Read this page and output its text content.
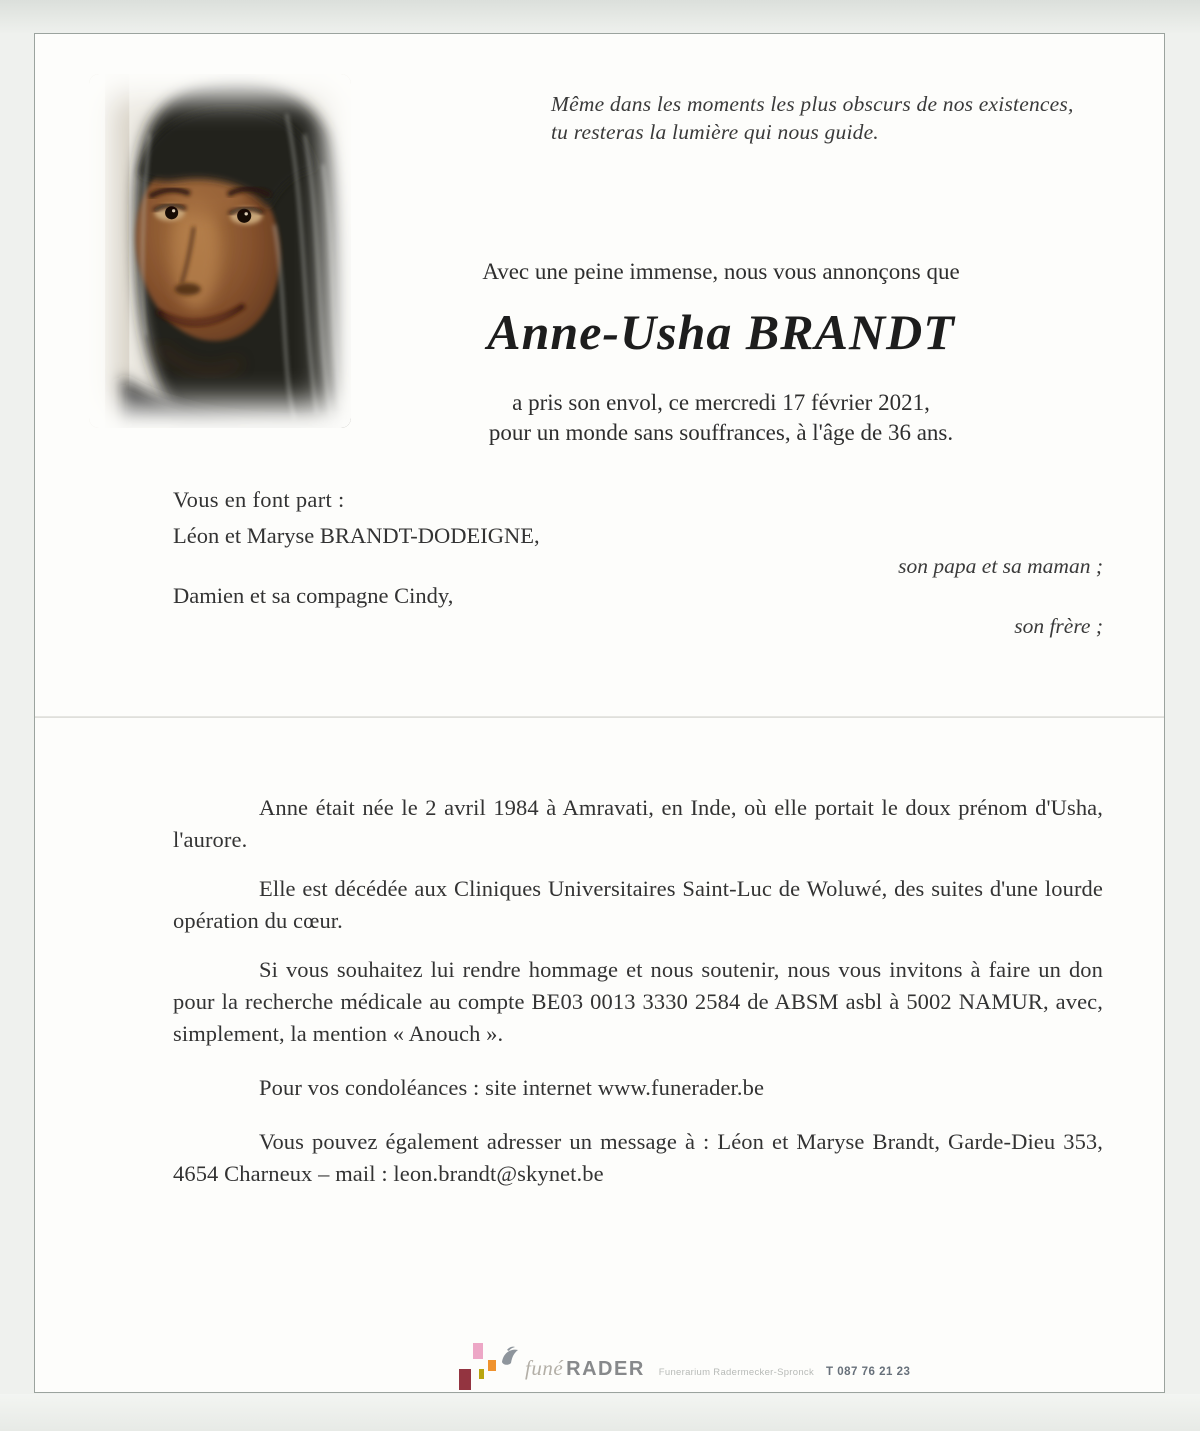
Même dans les moments les plus obscurs de nos existences,
tu resteras la lumière qui nous guide.
Avec une peine immense, nous vous annonçons que
Anne-Usha BRANDT
a pris son envol, ce mercredi 17 février 2021,
pour un monde sans souffrances, à l'âge de 36 ans.
Vous en font part :
Léon et Maryse BRANDT-DODEIGNE,
son papa et sa maman ;
Damien et sa compagne Cindy,
son frère ;

Anne était née le 2 avril 1984 à Amravati, en Inde, où elle portait le doux prénom d'Usha, l'aurore.

Elle est décédée aux Cliniques Universitaires Saint-Luc de Woluwé, des suites d'une lourde opération du cœur.

Si vous souhaitez lui rendre hommage et nous soutenir, nous vous invitons à faire un don pour la recherche médicale au compte BE03 0013 3330 2584 de ABSM asbl à 5002 NAMUR, avec, simplement, la mention « Anouch ».

Pour vos condoléances : site internet www.funerader.be

Vous pouvez également adresser un message à : Léon et Maryse Brandt, Garde-Dieu 353, 4654 Charneux – mail : leon.brandt@skynet.be

funé RADER Funerarium Radermecker-Spronck T 087 76 21 23
